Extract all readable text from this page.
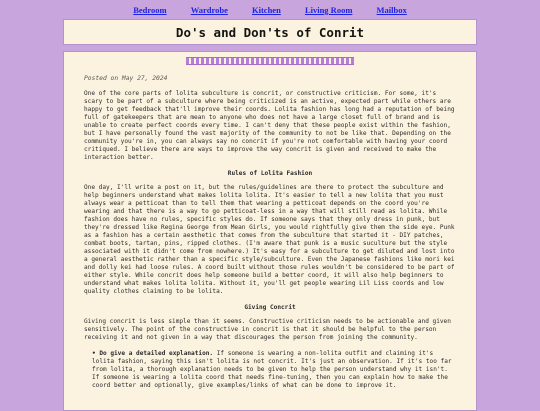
Bedroom	Wardrobe	Kitchen	Living Room	Mailbox
Do's and Don'ts of Conrit
Posted on May 27, 2024

One of the core parts of lolita subculture is concrit, or constructive criticism. For some, it's scary to be part of a subculture where being criticized is an active, expected part while others are happy to get feedback that'll improve their coords. Lolita fashion has long had a reputation of being full of gatekeepers that are mean to anyone who does not have a large closet full of brand and is unable to create perfect coords every time. I can't deny that these people exist within the fashion, but I have personally found the vast majority of the community to not be like that. Depending on the community you're in, you can always say no concrit if you're not comfortable with having your coord critiqued. I believe there are ways to improve the way concrit is given and received to make the interaction better.

Rules of Lolita Fashion

One day, I'll write a post on it, but the rules/guidelines are there to protect the subculture and help beginners understand what makes lolita lolita. It's easier to tell a new lolita that you must always wear a petticoat than to tell them that wearing a petticoat depends on the coord you're wearing and that there is a way to go petticoat-less in a way that will still read as lolita. While fashion does have no rules, specific styles do. If someone says that they only dress in punk, but they're dressed like Regina George from Mean Girls, you would rightfully give them the side eye. Punk as a fashion has a certain aesthetic that comes from the subculture that started it - DIY patches, combat boots, tartan, pins, ripped clothes. (I'm aware that punk is a music suculture but the style associated with it didn't come from nowhere.) It's easy for a subculture to get diluted and lost into a general aesthetic rather than a specific style/subculture. Even the Japanese fashions like mori kei and dolly kei had loose rules. A coord built without those rules wouldn't be considered to be part of either style. While concrit does help someone build a better coord, it will also help beginners to understand what makes lolita lolita. Without it, you'll get people wearing Lil Liss coords and low quality clothes claiming to be lolita.

Giving Concrit

Giving concrit is less simple than it seems. Constructive criticism needs to be actionable and given sensitively. The point of the constructive in concrit is that it should be helpful to the person receiving it and not given in a way that discourages the person from joining the community.

• Do give a detailed explanation. If someone is wearing a non-lolita outfit and claiming it's lolita fashion, saying this isn't lolita is not concrit. It's just an observation. If it's too far from lolita, a thorough explanation needs to be given to help the person understand why it isn't. If someone is wearing a lolita coord that needs fine-tuning, then you can explain how to make the coord better and optionally, give examples/links of what can be done to improve it.
